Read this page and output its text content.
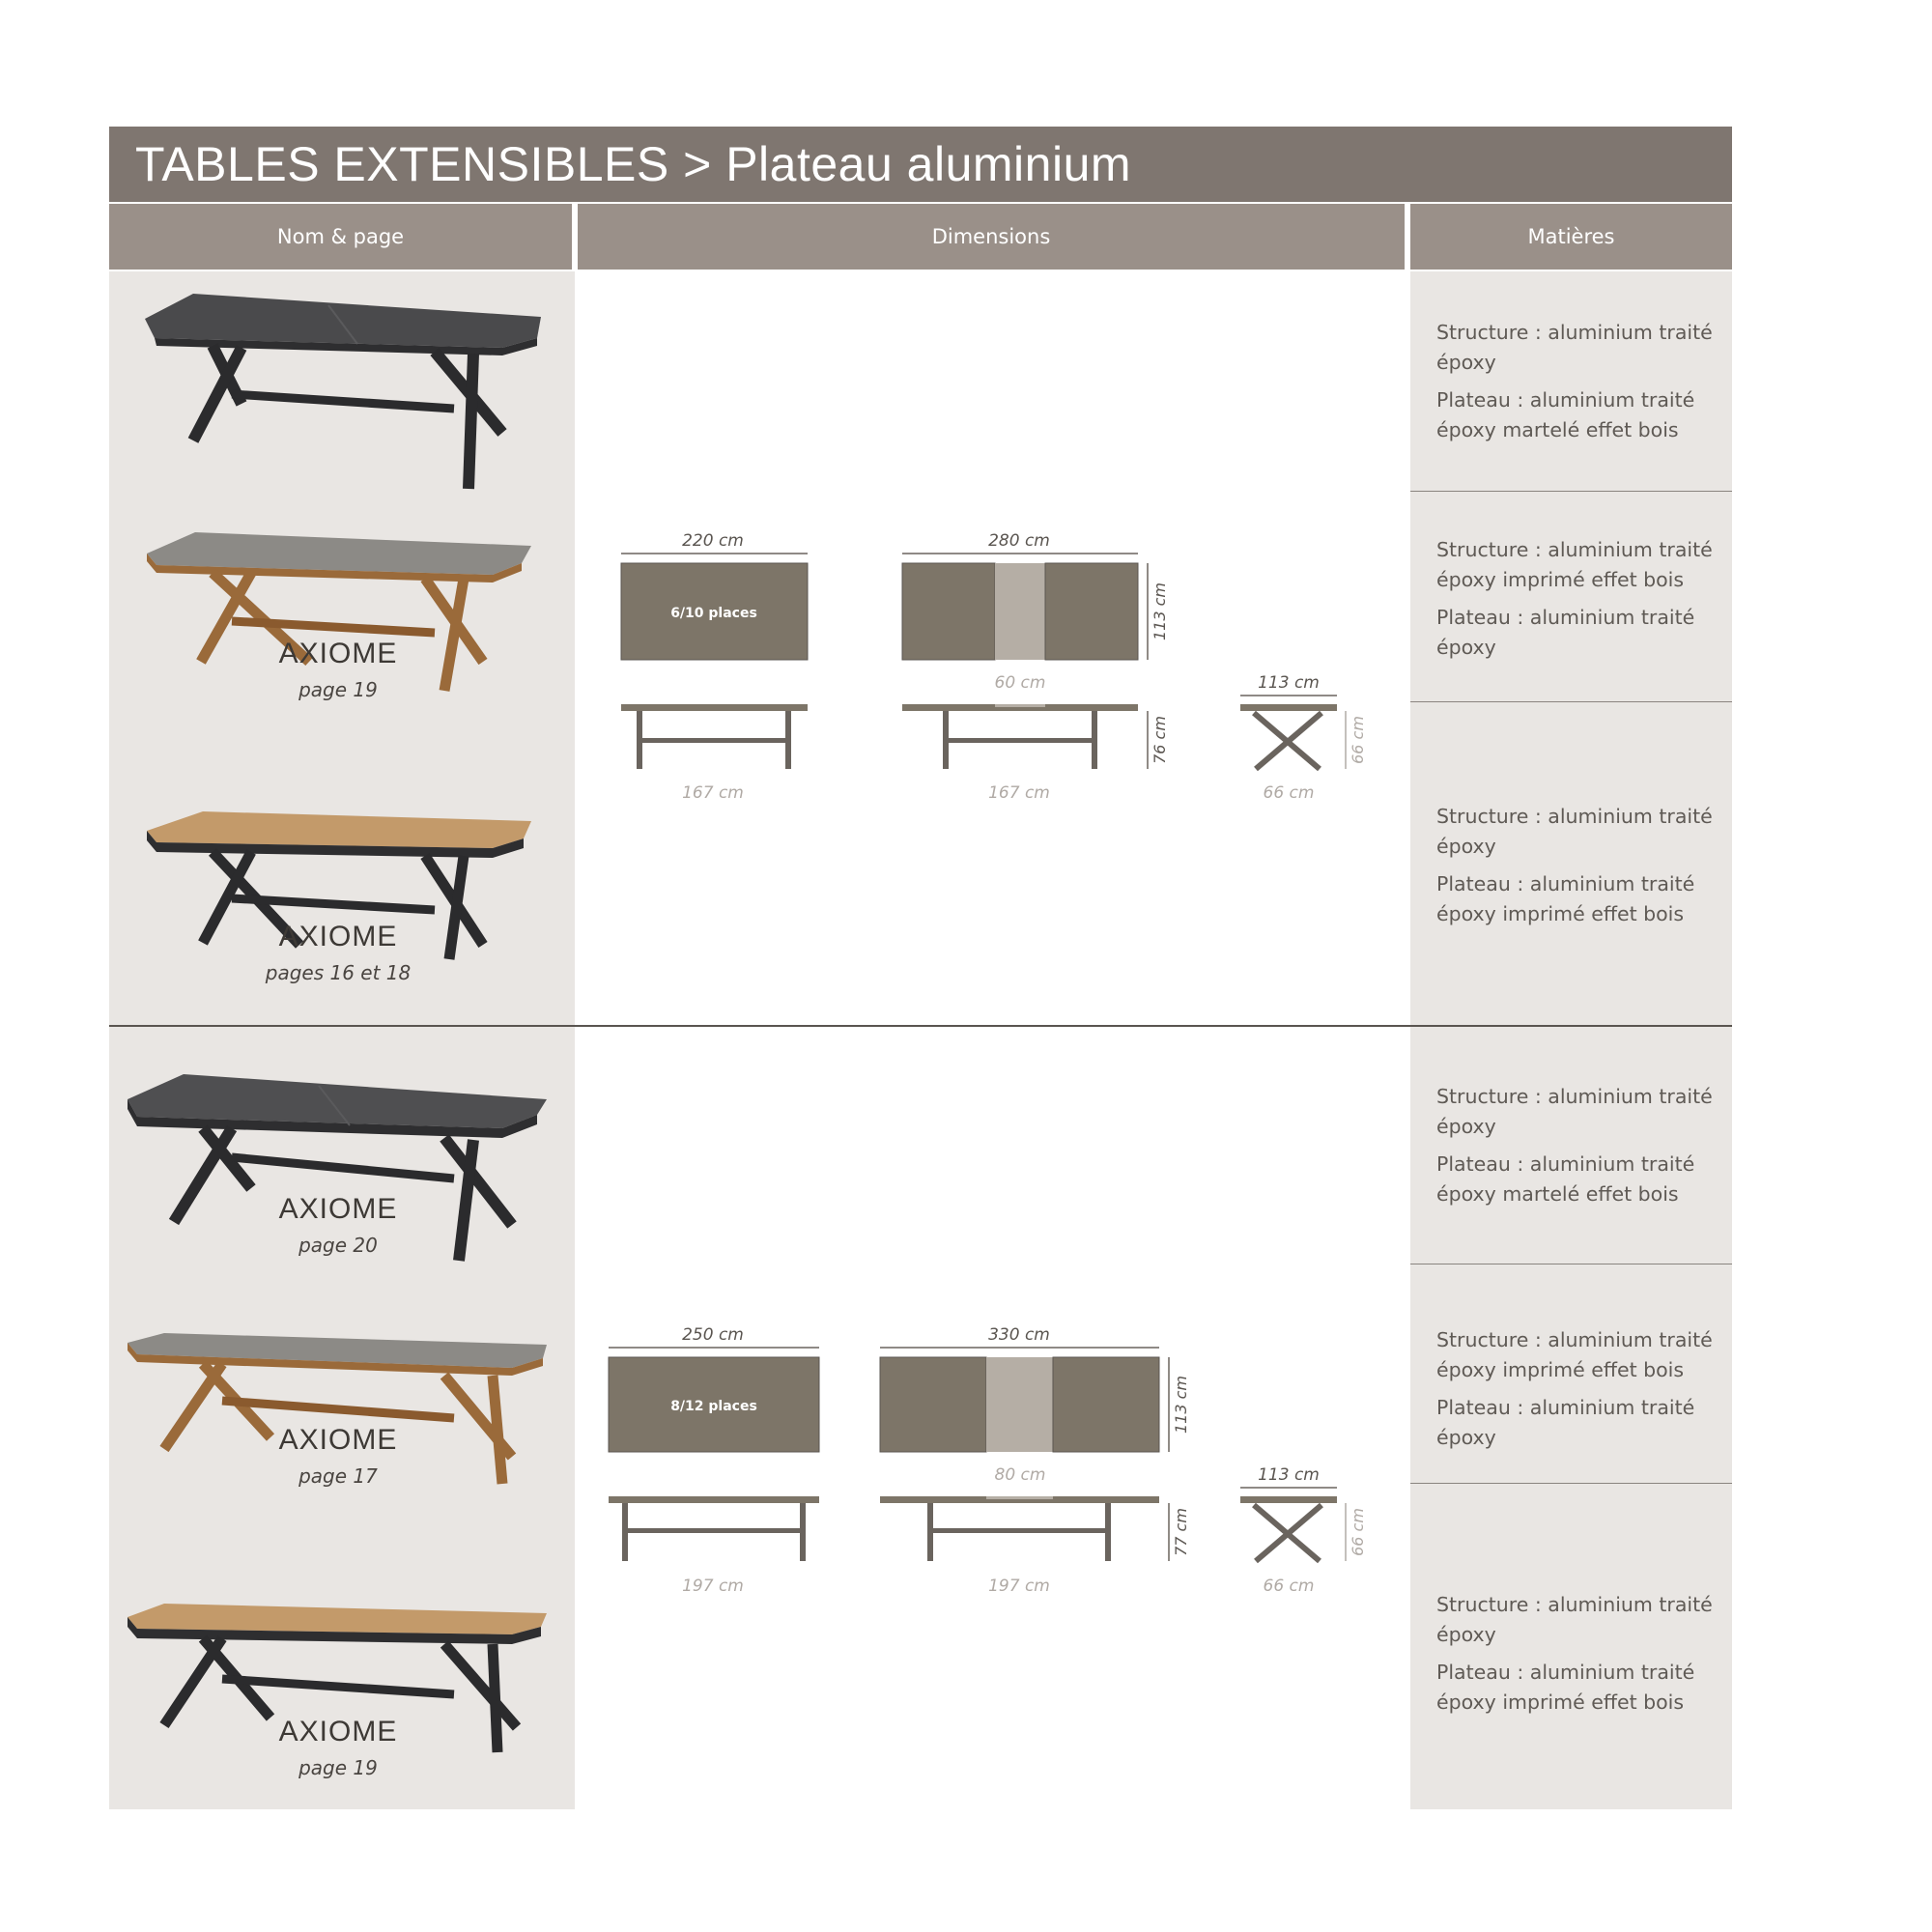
TABLES EXTENSIBLES > Plateau aluminium
Nom & page	Dimensions	Matières
AXIOME
page 19
AXIOME
pages 16 et 18

Structure : aluminium traité époxy

Plateau : aluminium traité époxy martelé effet bois

Structure : aluminium traité époxy imprimé effet bois

Plateau : aluminium traité époxy

Structure : aluminium traité époxy

Plateau : aluminium traité époxy imprimé effet bois

220 cm
6/10 places
280 cm
113 cm
60 cm
167 cm
76 cm
167 cm
113 cm
66 cm
66 cm
AXIOME
page 20
AXIOME
page 17
AXIOME
page 19

Structure : aluminium traité époxy

Plateau : aluminium traité époxy martelé effet bois

Structure : aluminium traité époxy imprimé effet bois

Plateau : aluminium traité époxy

Structure : aluminium traité époxy

Plateau : aluminium traité époxy imprimé effet bois

250 cm
8/12 places
330 cm
113 cm
80 cm
197 cm
77 cm
197 cm
113 cm
66 cm
66 cm
